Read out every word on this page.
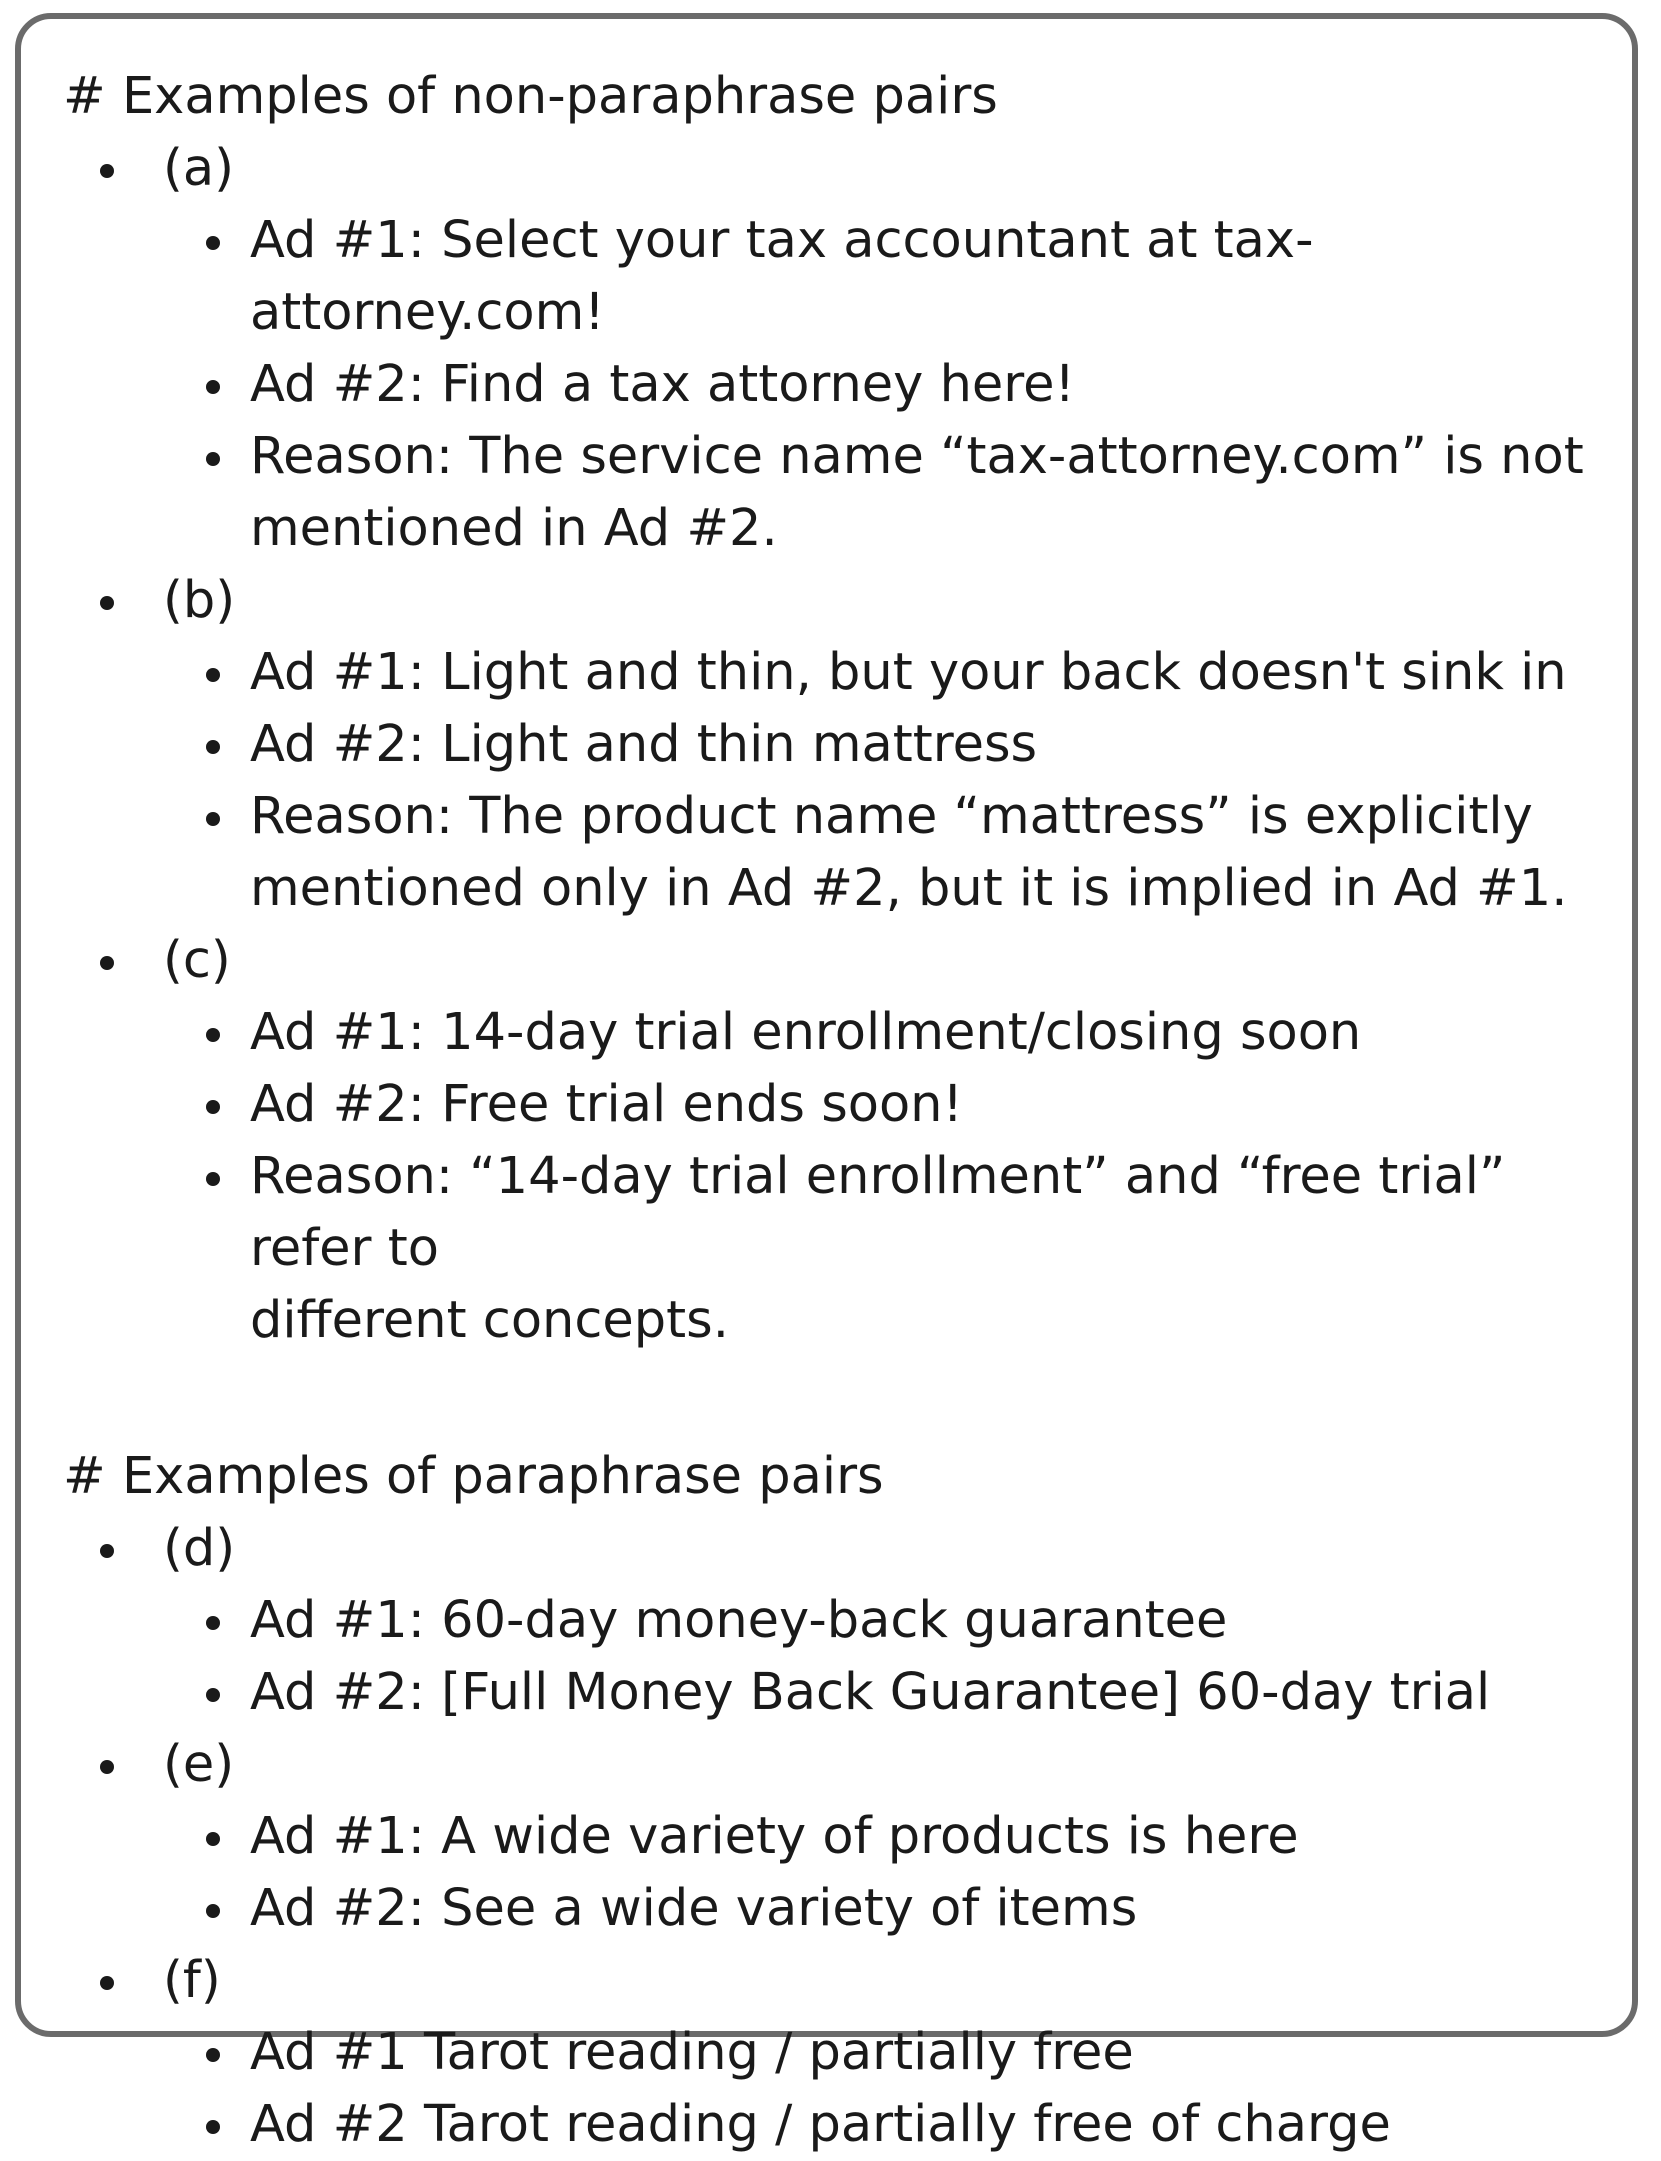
# Examples of non-paraphrase pairs

(a)
Ad #1: Select your tax accountant at tax-attorney.com!
Ad #2: Find a tax attorney here!
Reason: The service name “tax-attorney.com” is not
mentioned in Ad #2.
(b)
Ad #1: Light and thin, but your back doesn't sink in
Ad #2: Light and thin mattress
Reason: The product name “mattress” is explicitly
mentioned only in Ad #2, but it is implied in Ad #1.
(c)
Ad #1: 14-day trial enrollment/closing soon
Ad #2: Free trial ends soon!
Reason: “14-day trial enrollment” and “free trial” refer to
different concepts.

# Examples of paraphrase pairs

(d)
Ad #1: 60-day money-back guarantee
Ad #2: [Full Money Back Guarantee] 60-day trial
(e)
Ad #1: A wide variety of products is here
Ad #2: See a wide variety of items
(f)
Ad #1 Tarot reading / partially free
Ad #2 Tarot reading / partially free of charge
